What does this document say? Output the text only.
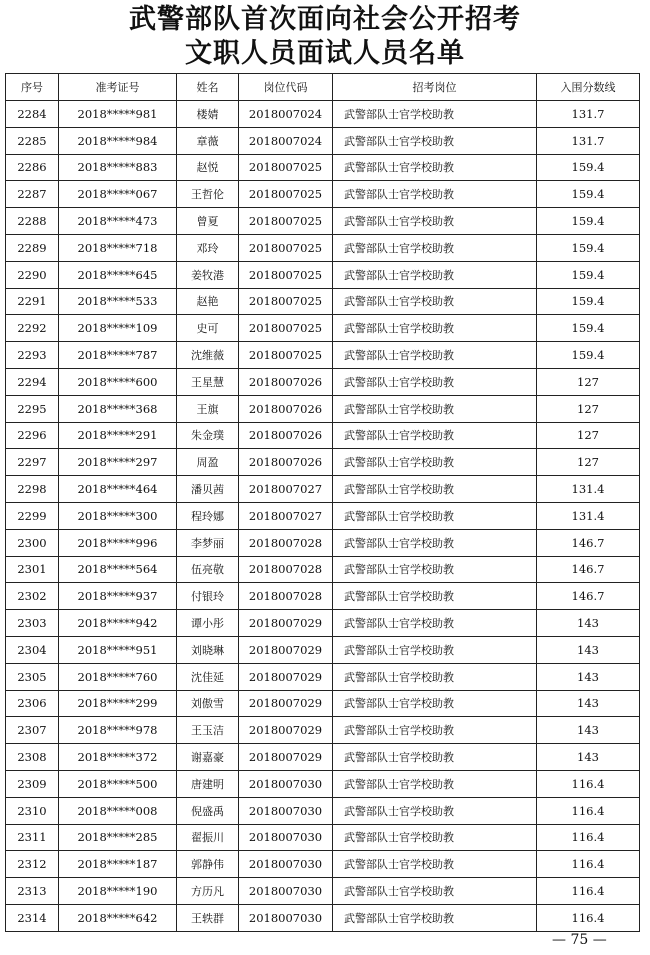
武警部队首次面向社会公开招考
文职人员面试人员名单
序号	准考证号	姓名	岗位代码	招考岗位	入围分数线
2284	2018*****981	楼婧	2018007024	武警部队士官学校助教	131.7
2285	2018*****984	章薇	2018007024	武警部队士官学校助教	131.7
2286	2018*****883	赵悦	2018007025	武警部队士官学校助教	159.4
2287	2018*****067	王哲伦	2018007025	武警部队士官学校助教	159.4
2288	2018*****473	曾夏	2018007025	武警部队士官学校助教	159.4
2289	2018*****718	邓玲	2018007025	武警部队士官学校助教	159.4
2290	2018*****645	姜牧港	2018007025	武警部队士官学校助教	159.4
2291	2018*****533	赵艳	2018007025	武警部队士官学校助教	159.4
2292	2018*****109	史可	2018007025	武警部队士官学校助教	159.4
2293	2018*****787	沈维薇	2018007025	武警部队士官学校助教	159.4
2294	2018*****600	王星慧	2018007026	武警部队士官学校助教	127
2295	2018*****368	王旗	2018007026	武警部队士官学校助教	127
2296	2018*****291	朱金璞	2018007026	武警部队士官学校助教	127
2297	2018*****297	周盈	2018007026	武警部队士官学校助教	127
2298	2018*****464	潘贝茜	2018007027	武警部队士官学校助教	131.4
2299	2018*****300	程玲娜	2018007027	武警部队士官学校助教	131.4
2300	2018*****996	李梦丽	2018007028	武警部队士官学校助教	146.7
2301	2018*****564	伍亮敬	2018007028	武警部队士官学校助教	146.7
2302	2018*****937	付银玲	2018007028	武警部队士官学校助教	146.7
2303	2018*****942	谭小彤	2018007029	武警部队士官学校助教	143
2304	2018*****951	刘晓琳	2018007029	武警部队士官学校助教	143
2305	2018*****760	沈佳延	2018007029	武警部队士官学校助教	143
2306	2018*****299	刘傲雪	2018007029	武警部队士官学校助教	143
2307	2018*****978	王玉洁	2018007029	武警部队士官学校助教	143
2308	2018*****372	谢嘉豪	2018007029	武警部队士官学校助教	143
2309	2018*****500	唐建明	2018007030	武警部队士官学校助教	116.4
2310	2018*****008	倪盛禹	2018007030	武警部队士官学校助教	116.4
2311	2018*****285	翟振川	2018007030	武警部队士官学校助教	116.4
2312	2018*****187	郭静伟	2018007030	武警部队士官学校助教	116.4
2313	2018*****190	方历凡	2018007030	武警部队士官学校助教	116.4
2314	2018*****642	王轶群	2018007030	武警部队士官学校助教	116.4
— 75 —
